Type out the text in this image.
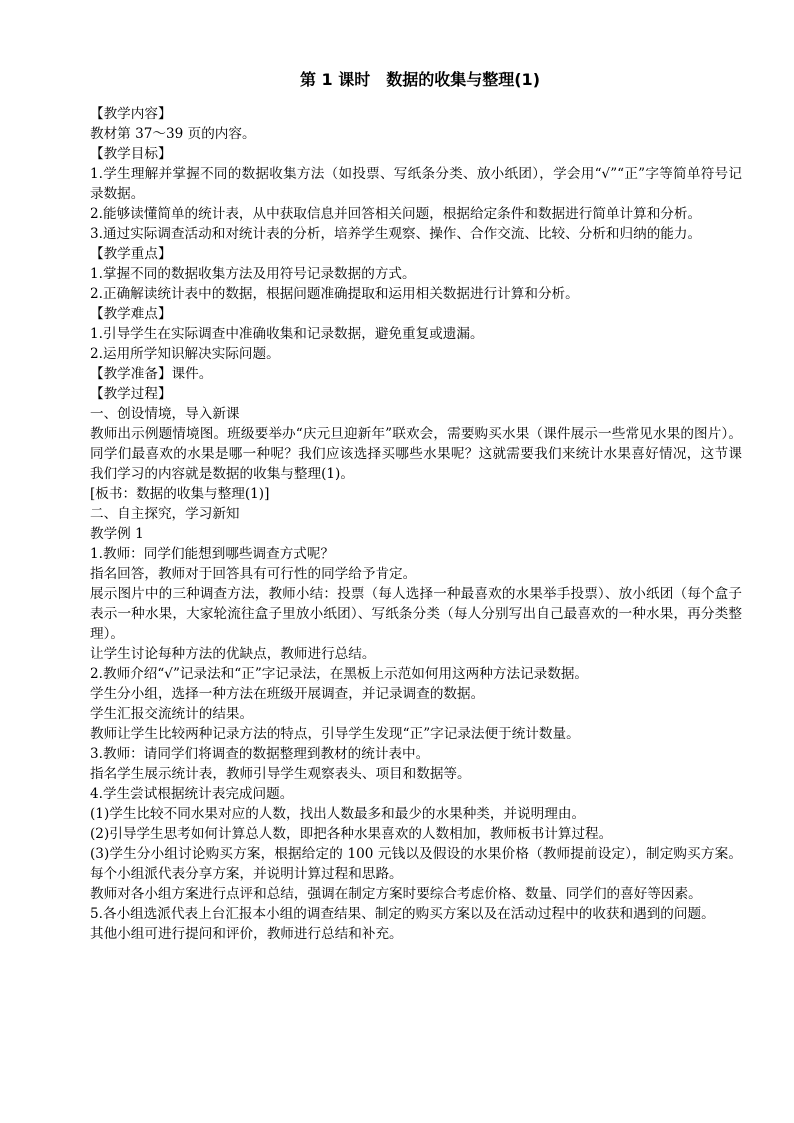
第 1 课时　数据的收集与整理(1)

【教学内容】

教材第 37～39 页的内容。

【教学目标】

1.学生理解并掌握不同的数据收集方法（如投票、写纸条分类、放小纸团），学会用“√”“正”字等简单符号记录数据。

2.能够读懂简单的统计表，从中获取信息并回答相关问题，根据给定条件和数据进行简单计算和分析。

3.通过实际调查活动和对统计表的分析，培养学生观察、操作、合作交流、比较、分析和归纳的能力。

【教学重点】

1.掌握不同的数据收集方法及用符号记录数据的方式。

2.正确解读统计表中的数据，根据问题准确提取和运用相关数据进行计算和分析。

【教学难点】

1.引导学生在实际调查中准确收集和记录数据，避免重复或遗漏。

2.运用所学知识解决实际问题。

【教学准备】课件。

【教学过程】

一、创设情境，导入新课

教师出示例题情境图。班级要举办“庆元旦迎新年”联欢会，需要购买水果（课件展示一些常见水果的图片）。同学们最喜欢的水果是哪一种呢？我们应该选择买哪些水果呢？这就需要我们来统计水果喜好情况，这节课我们学习的内容就是数据的收集与整理(1)。

[板书：数据的收集与整理(1)]

二、自主探究，学习新知

教学例 1

1.教师：同学们能想到哪些调查方式呢？

指名回答，教师对于回答具有可行性的同学给予肯定。

展示图片中的三种调查方法，教师小结：投票（每人选择一种最喜欢的水果举手投票）、放小纸团（每个盒子表示一种水果，大家轮流往盒子里放小纸团）、写纸条分类（每人分别写出自己最喜欢的一种水果，再分类整理）。

让学生讨论每种方法的优缺点，教师进行总结。

2.教师介绍“√”记录法和“正”字记录法，在黑板上示范如何用这两种方法记录数据。

学生分小组，选择一种方法在班级开展调查，并记录调查的数据。

学生汇报交流统计的结果。

教师让学生比较两种记录方法的特点，引导学生发现“正”字记录法便于统计数量。

3.教师：请同学们将调查的数据整理到教材的统计表中。

指名学生展示统计表，教师引导学生观察表头、项目和数据等。

4.学生尝试根据统计表完成问题。

(1)学生比较不同水果对应的人数，找出人数最多和最少的水果种类，并说明理由。

(2)引导学生思考如何计算总人数，即把各种水果喜欢的人数相加，教师板书计算过程。

(3)学生分小组讨论购买方案，根据给定的 100 元钱以及假设的水果价格（教师提前设定），制定购买方案。每个小组派代表分享方案，并说明计算过程和思路。

教师对各小组方案进行点评和总结，强调在制定方案时要综合考虑价格、数量、同学们的喜好等因素。

5.各小组选派代表上台汇报本小组的调查结果、制定的购买方案以及在活动过程中的收获和遇到的问题。

其他小组可进行提问和评价，教师进行总结和补充。
